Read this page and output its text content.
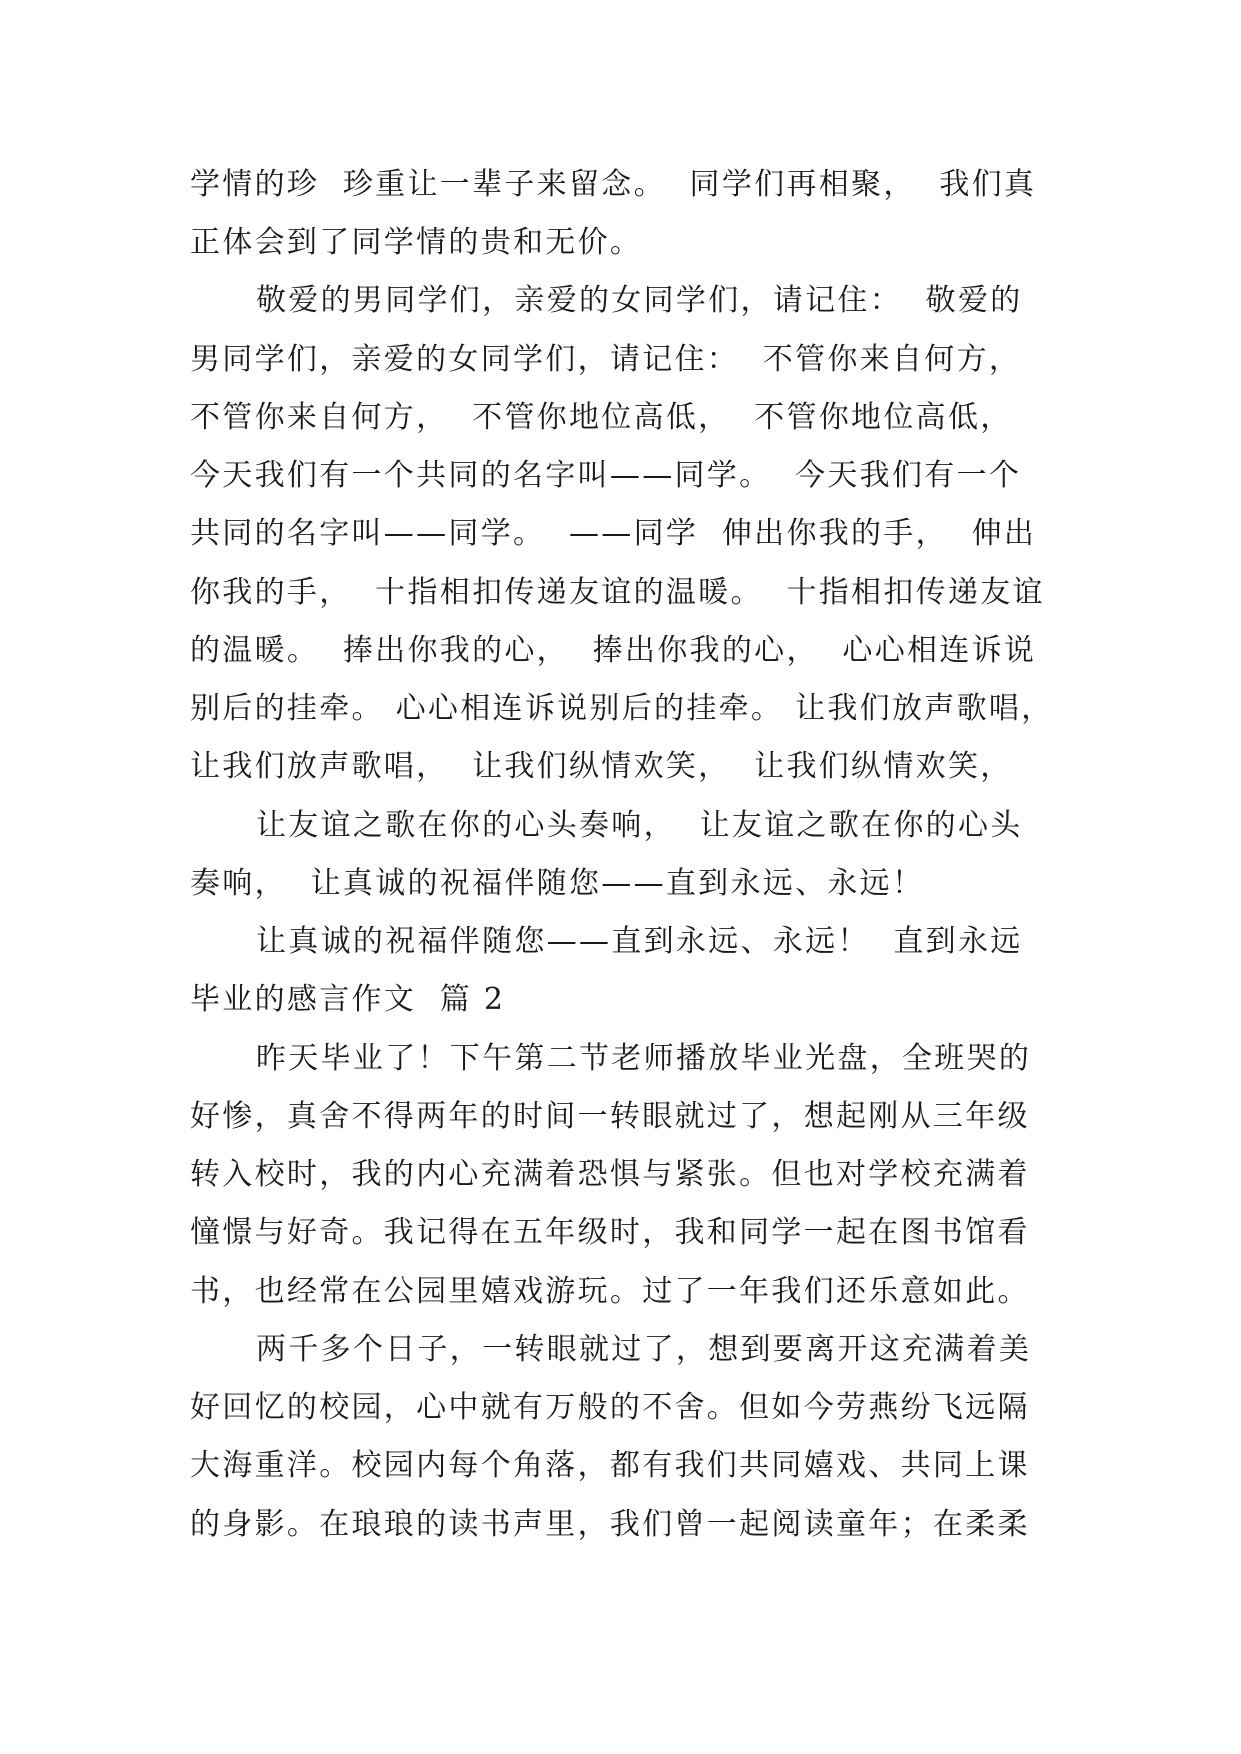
学情的珍  珍重让一辈子来留念。  同学们再相聚，  我们真
正体会到了同学情的贵和无价。
敬爱的男同学们，亲爱的女同学们，请记住：  敬爱的
男同学们，亲爱的女同学们，请记住：  不管你来自何方，
不管你来自何方，  不管你地位高低，  不管你地位高低，
今天我们有一个共同的名字叫——同学。  今天我们有一个
共同的名字叫——同学。  ——同学  伸出你我的手，  伸出
你我的手，  十指相扣传递友谊的温暖。  十指相扣传递友谊
的温暖。  捧出你我的心，  捧出你我的心，  心心相连诉说
别后的挂牵。 心心相连诉说别后的挂牵。 让我们放声歌唱，
让我们放声歌唱，  让我们纵情欢笑，  让我们纵情欢笑，
让友谊之歌在你的心头奏响，  让友谊之歌在你的心头
奏响，  让真诚的祝福伴随您——直到永远、永远！
让真诚的祝福伴随您——直到永远、永远！  直到永远
毕业的感言作文  篇 2
昨天毕业了！下午第二节老师播放毕业光盘，全班哭的
好惨，真舍不得两年的时间一转眼就过了，想起刚从三年级
转入校时，我的内心充满着恐惧与紧张。但也对学校充满着
憧憬与好奇。我记得在五年级时，我和同学一起在图书馆看
书，也经常在公园里嬉戏游玩。过了一年我们还乐意如此。
两千多个日子，一转眼就过了，想到要离开这充满着美
好回忆的校园，心中就有万般的不舍。但如今劳燕纷飞远隔
大海重洋。校园内每个角落，都有我们共同嬉戏、共同上课
的身影。在琅琅的读书声里，我们曾一起阅读童年；在柔柔
